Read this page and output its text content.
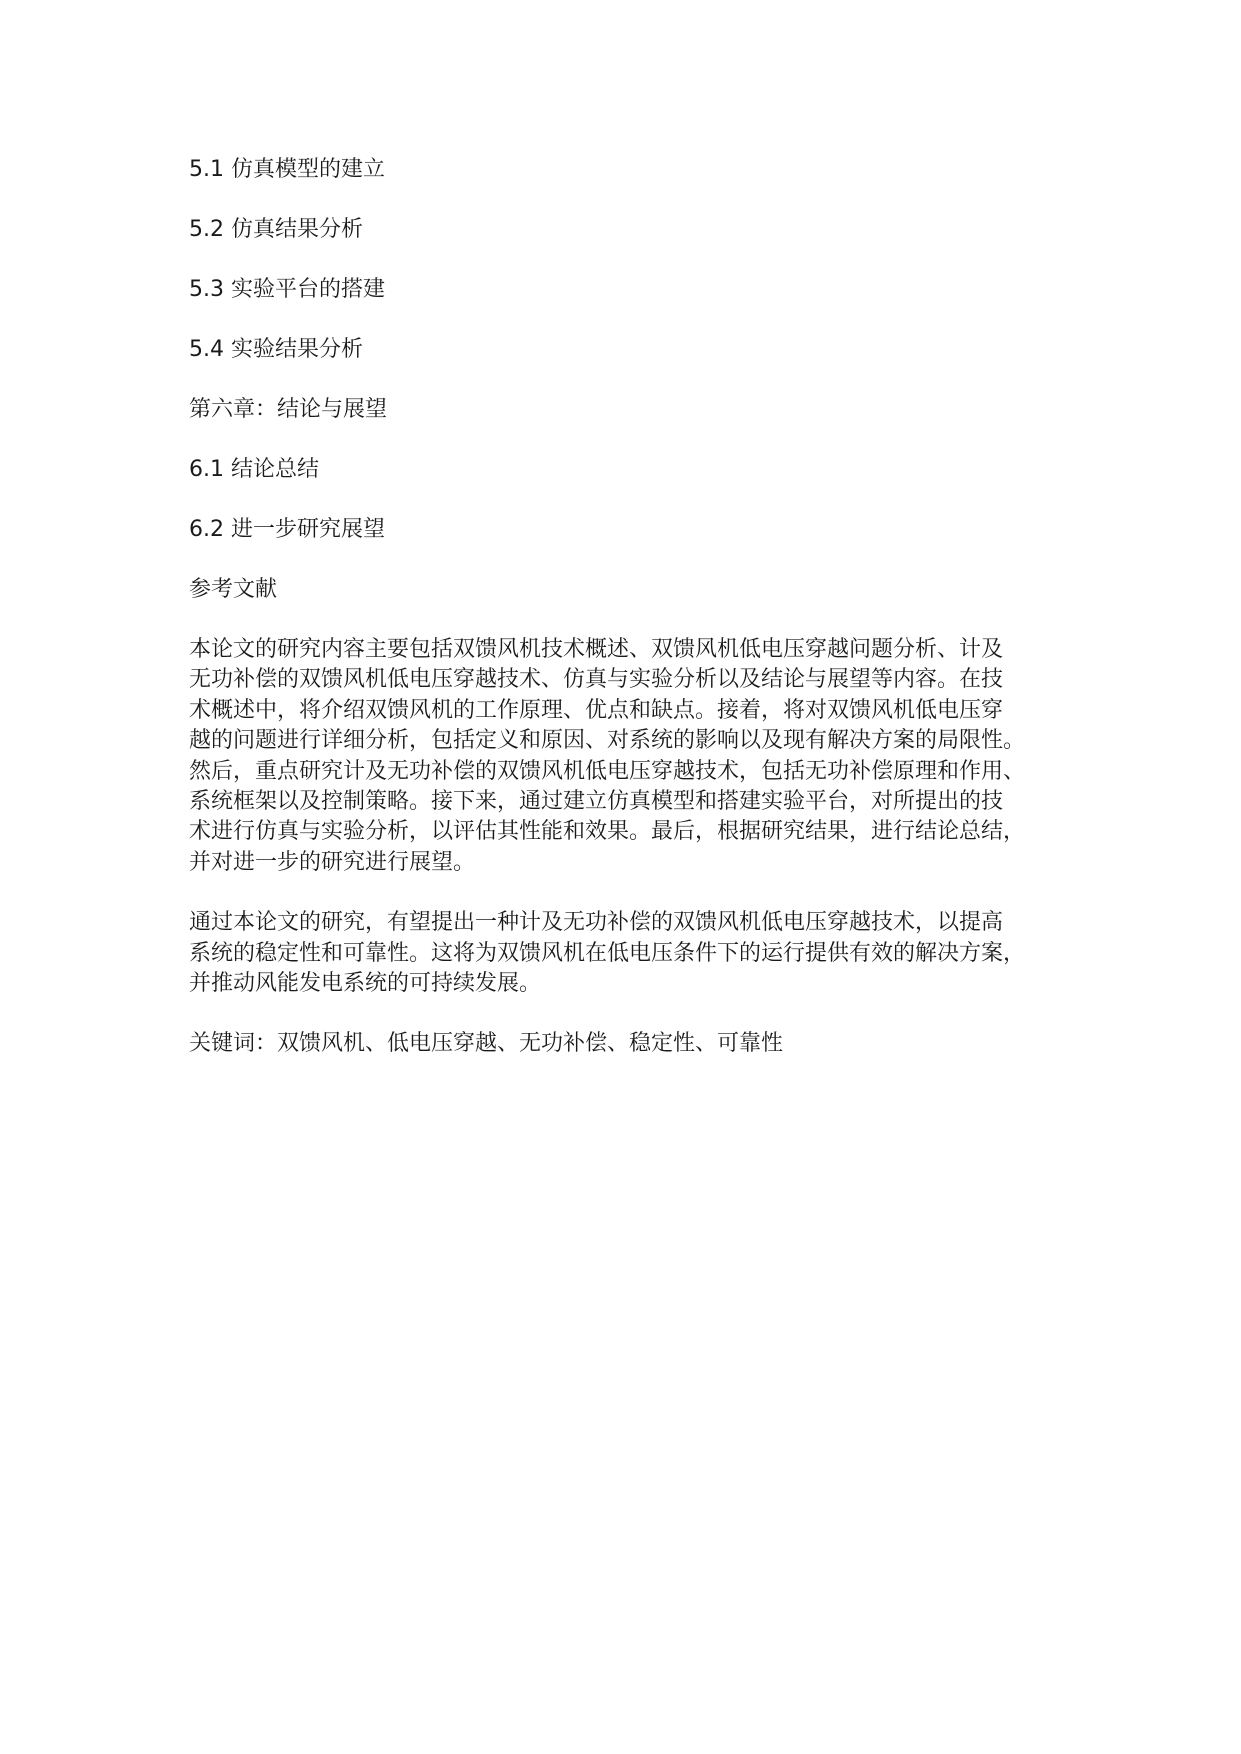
5.1 仿真模型的建立
5.2 仿真结果分析
5.3 实验平台的搭建
5.4 实验结果分析
第六章：结论与展望
6.1 结论总结
6.2 进一步研究展望
参考文献
本论文的研究内容主要包括双馈风机技术概述、双馈风机低电压穿越问题分析、计及
无功补偿的双馈风机低电压穿越技术、仿真与实验分析以及结论与展望等内容。在技
术概述中，将介绍双馈风机的工作原理、优点和缺点。接着，将对双馈风机低电压穿
越的问题进行详细分析，包括定义和原因、对系统的影响以及现有解决方案的局限性。
然后，重点研究计及无功补偿的双馈风机低电压穿越技术，包括无功补偿原理和作用、
系统框架以及控制策略。接下来，通过建立仿真模型和搭建实验平台，对所提出的技
术进行仿真与实验分析，以评估其性能和效果。最后，根据研究结果，进行结论总结，
并对进一步的研究进行展望。
通过本论文的研究，有望提出一种计及无功补偿的双馈风机低电压穿越技术，以提高
系统的稳定性和可靠性。这将为双馈风机在低电压条件下的运行提供有效的解决方案，
并推动风能发电系统的可持续发展。
关键词：双馈风机、低电压穿越、无功补偿、稳定性、可靠性
